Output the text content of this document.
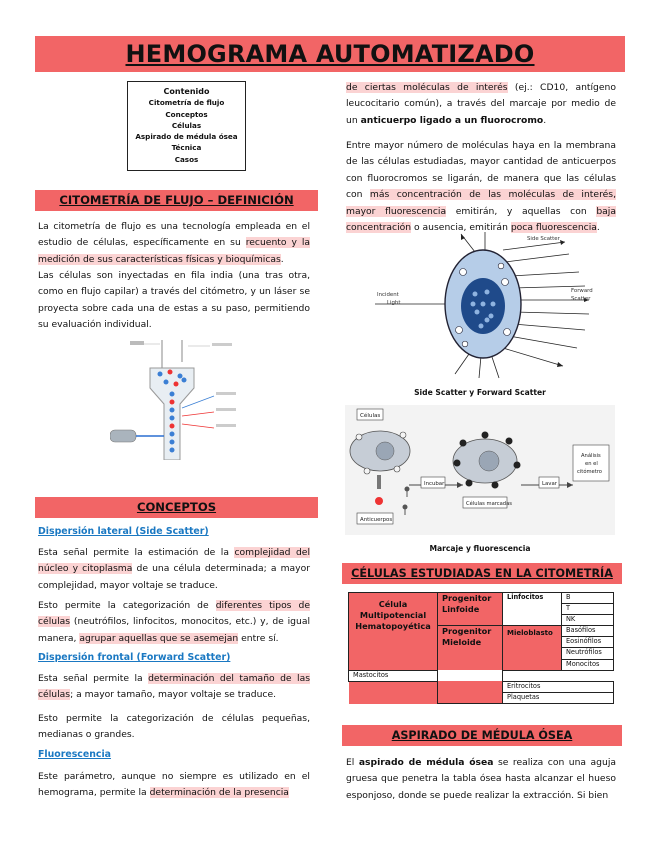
HEMOGRAMA AUTOMATIZADO
Contenido
Citometría de flujo
Conceptos
Células
Aspirado de médula ósea
Técnica
Casos
CITOMETRÍA DE FLUJO – DEFINICIÓN

La citometría de flujo es una tecnología empleada en el estudio de células, específicamente en su recuento y la medición de sus características físicas y bioquímicas.

Las células son inyectadas en fila india (una tras otra, como en flujo capilar) a través del citómetro, y un láser se proyecta sobre cada una de estas a su paso, permitiendo su evaluación individual.

CONCEPTOS
Dispersión lateral (Side Scatter)

Esta señal permite la estimación de la complejidad del núcleo y citoplasma de una célula determinada; a mayor complejidad, mayor voltaje se traduce.

Esto permite la categorización de diferentes tipos de células (neutrófilos, linfocitos, monocitos, etc.) y, de igual manera, agrupar aquellas que se asemejan entre sí.

Dispersión frontal (Forward Scatter)

Esta señal permite la determinación del tamaño de las células; a mayor tamaño, mayor voltaje se traduce.

Esto permite la categorización de células pequeñas, medianas o grandes.

Fluorescencia

Este parámetro, aunque no siempre es utilizado en el hemograma, permite la determinación de la presencia

de ciertas moléculas de interés (ej.: CD10, antígeno leucocitario común), a través del marcaje por medio de un anticuerpo ligado a un fluorocromo.

Entre mayor número de moléculas haya en la membrana de las células estudiadas, mayor cantidad de anticuerpos con fluorocromos se ligarán, de manera que las células con más concentración de las moléculas de interés, mayor fluorescencia emitirán, y aquellas con baja concentración o ausencia, emitirán poca fluorescencia.

Side Scatter
Forward
Scatter
Incident
Light
Side Scatter y Forward Scatter
Células
Anticuerpos
Incubar
Células marcadas
Lavar
Análisis
en el
citómetro
Marcaje y fluorescencia
CÉLULAS ESTUDIADAS EN LA CITOMETRÍA
Célula Multipotencial Hematopoyética	Progenitor Linfoide	Linfocitos	B
			T
			NK
	Progenitor Mieloide	Mieloblasto	Basófilos
			Eosinófilos
			Neutrófilos
			Monocitos
Mastocitos			
		Eritrocitos	
		Plaquetas	
ASPIRADO DE MÉDULA ÓSEA

El aspirado de médula ósea se realiza con una aguja gruesa que penetra la tabla ósea hasta alcanzar el hueso esponjoso, donde se puede realizar la extracción. Si bien
